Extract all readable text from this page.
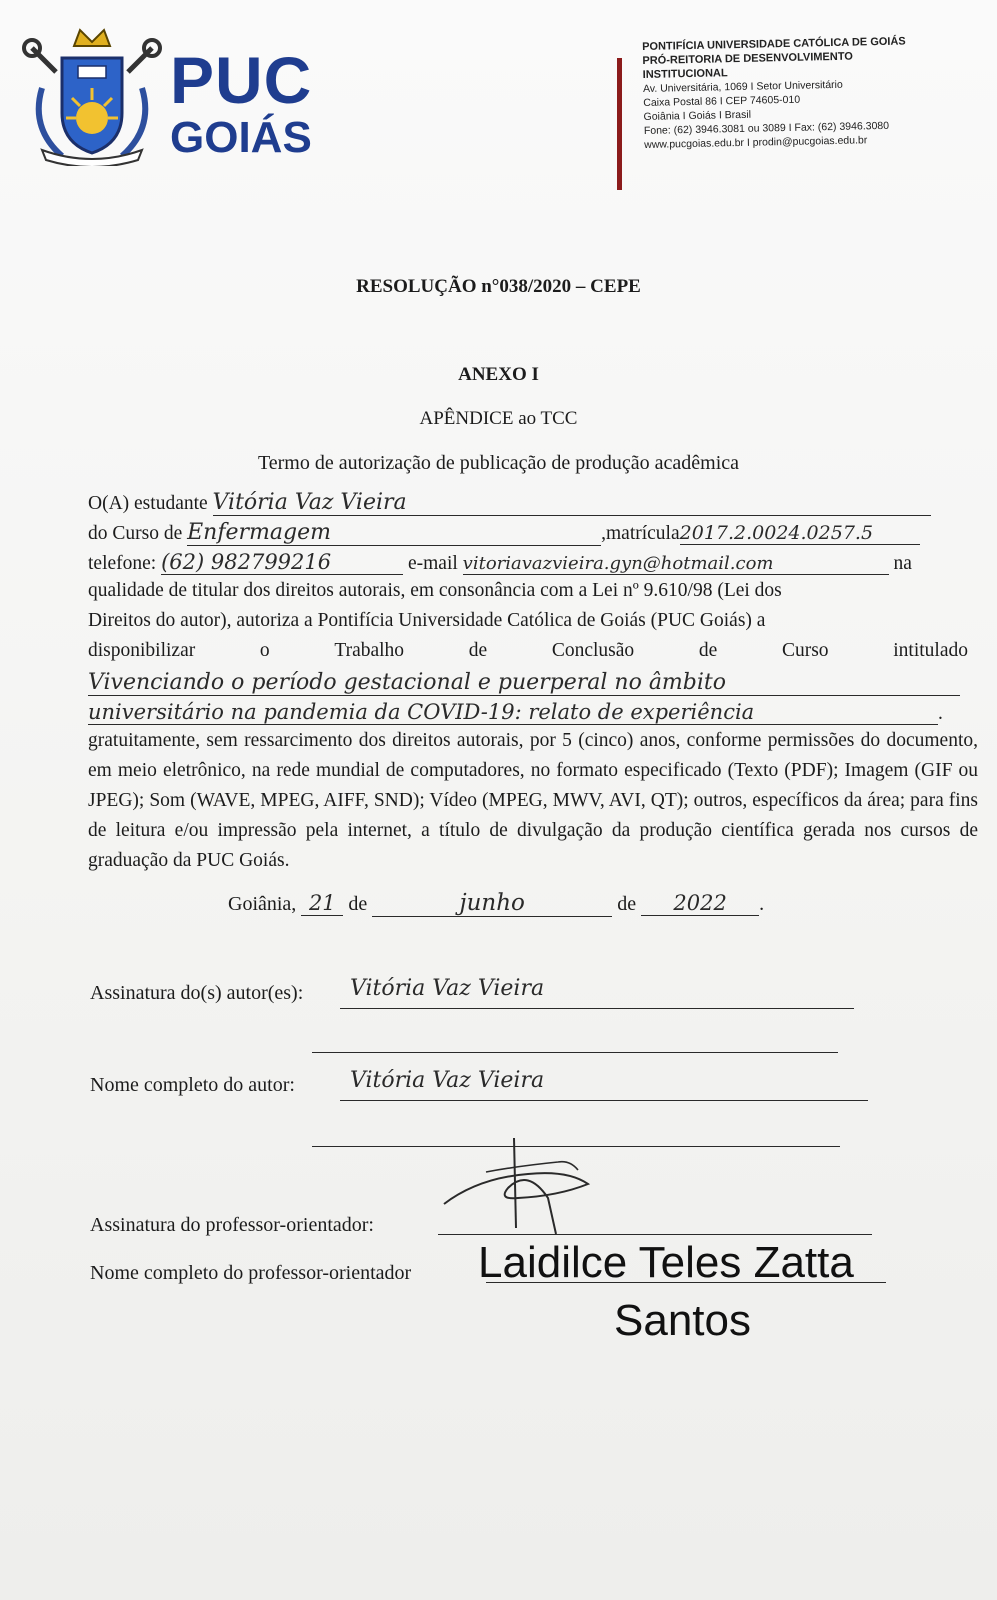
PUC
GOIÁS
PONTIFÍCIA UNIVERSIDADE CATÓLICA DE GOIÁS
PRÓ-REITORIA DE DESENVOLVIMENTO
INSTITUCIONAL
Av. Universitária, 1069 I Setor Universitário
Caixa Postal 86 I CEP 74605-010
Goiânia I Goiás I Brasil
Fone: (62) 3946.3081 ou 3089 I Fax: (62) 3946.3080
www.pucgoias.edu.br I prodin@pucgoias.edu.br
RESOLUÇÃO n°038/2020 – CEPE
ANEXO I
APÊNDICE ao TCC
Termo de autorização de publicação de produção acadêmica
O(A) estudante Vitória Vaz Vieira
do Curso de Enfermagem	,matrícula2017.2.0024.0257.5
telefone: (62) 982799216	e-mail vitoriavazvieira.gyn@hotmail.com	na
qualidade de titular dos direitos autorais, em consonância com a Lei nº 9.610/98 (Lei dos
Direitos do autor), autoriza a Pontifícia Universidade Católica de Goiás (PUC Goiás) a
disponibilizar	o	Trabalho	de	Conclusão	de	Curso	intitulado
Vivenciando o período gestacional e puerperal no âmbito
universitário na pandemia da COVID-19: relato de experiência	.
gratuitamente, sem ressarcimento dos direitos autorais, por 5 (cinco) anos, conforme permissões do documento, em meio eletrônico, na rede mundial de computadores, no formato especificado (Texto (PDF); Imagem (GIF ou JPEG); Som (WAVE, MPEG, AIFF, SND); Vídeo (MPEG, MWV, AVI, QT); outros, específicos da área; para fins de leitura e/ou impressão pela internet, a título de divulgação da produção científica gerada nos cursos de graduação da PUC Goiás.
Goiânia, 21 de	junho	de 2022 .
Assinatura do(s) autor(es): Vitória Vaz Vieira
Nome completo do autor:	Vitória Vaz Vieira
Assinatura do professor-orientador:
Nome completo do professor-orientador Laidilce Teles Zatta
Santos
